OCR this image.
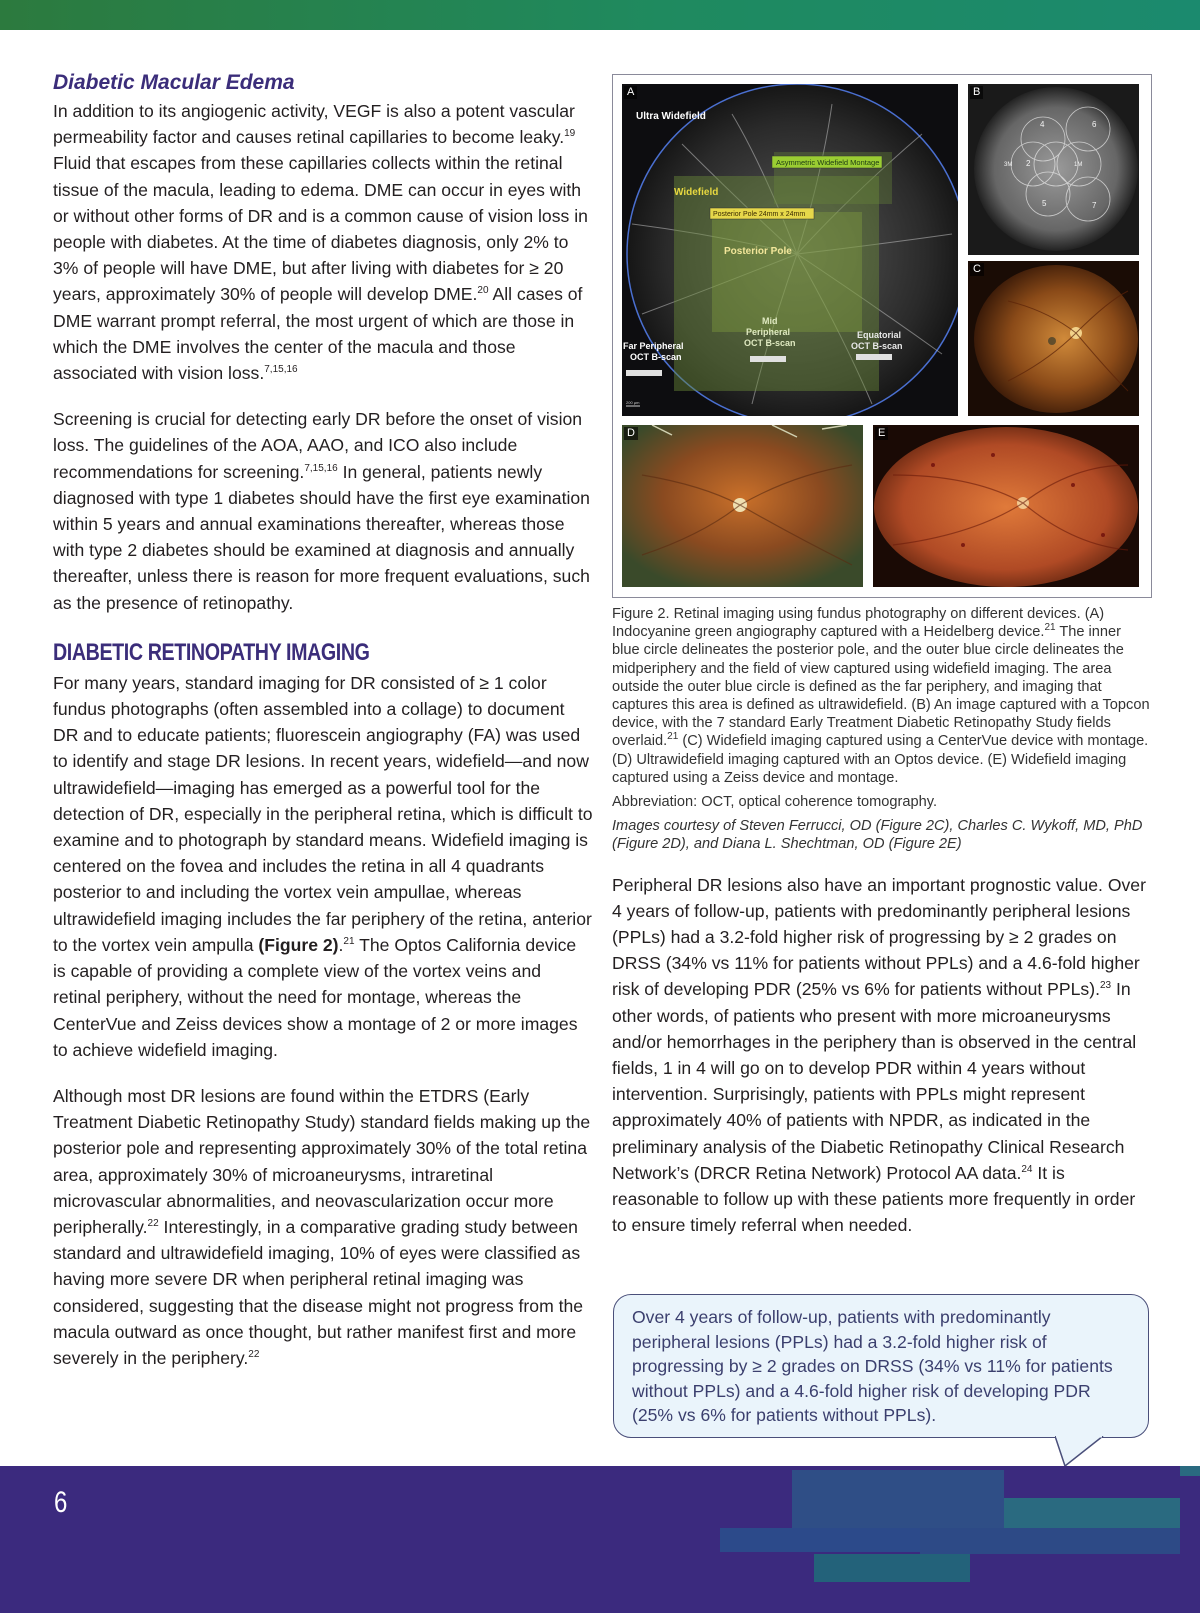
Diabetic Macular Edema

In addition to its angiogenic activity, VEGF is also a potent vascular permeability factor and causes retinal capillaries to become leaky.$^{19}$ Fluid that escapes from these capillaries collects within the retinal tissue of the macula, leading to edema. DME can occur in eyes with or without other forms of DR and is a common cause of vision loss in people with diabetes. At the time of diabetes diagnosis, only 2% to 3% of people will have DME, but after living with diabetes for ≥ 20 years, approximately 30% of people will develop DME.$^{20}$ All cases of DME warrant prompt referral, the most urgent of which are those in which the DME involves the center of the macula and those associated with vision loss.$^{7,15,16}$

Screening is crucial for detecting early DR before the onset of vision loss. The guidelines of the AOA, AAO, and ICO also include recommendations for screening.$^{7,15,16}$ In general, patients newly diagnosed with type 1 diabetes should have the first eye examination within 5 years and annual examinations thereafter, whereas those with type 2 diabetes should be examined at diagnosis and annually thereafter, unless there is reason for more frequent evaluations, such as the presence of retinopathy.

DIABETIC RETINOPATHY IMAGING

For many years, standard imaging for DR consisted of ≥ 1 color fundus photographs (often assembled into a collage) to document DR and to educate patients; fluorescein angiography (FA) was used to identify and stage DR lesions. In recent years, widefield—and now ultrawidefield—imaging has emerged as a powerful tool for the detection of DR, especially in the peripheral retina, which is difficult to examine and to photograph by standard means. Widefield imaging is centered on the fovea and includes the retina in all 4 quadrants posterior to and including the vortex vein ampullae, whereas ultrawidefield imaging includes the far periphery of the retina, anterior to the vortex vein ampulla (Figure 2).$^{21}$ The Optos California device is capable of providing a complete view of the vortex veins and retinal periphery, without the need for montage, whereas the CenterVue and Zeiss devices show a montage of 2 or more images to achieve widefield imaging.

Although most DR lesions are found within the ETDRS (Early Treatment Diabetic Retinopathy Study) standard fields making up the posterior pole and representing approximately 30% of the total retina area, approximately 30% of microaneurysms, intraretinal microvascular abnormalities, and neovascularization occur more peripherally.$^{22}$ Interestingly, in a comparative grading study between standard and ultrawidefield imaging, 10% of eyes were classified as having more severe DR when peripheral retinal imaging was considered, suggesting that the disease might not progress from the macula outward as once thought, but rather manifest first and more severely in the periphery.$^{22}$

Ultra Widefield
Asymmetric Widefield Montage
Widefield
Posterior Pole 24mm x 24mm
Posterior Pole
Far Peripheral
OCT B-scan
Mid
Peripheral
OCT B-scan
Equatorial
OCT B-scan
200 µm
A
4	6
3M 2	1M
5	7
B
C
D	E

Figure 2. Retinal imaging using fundus photography on different devices. (A) Indocyanine green angiography captured with a Heidelberg device.$^{21}$ The inner blue circle delineates the posterior pole, and the outer blue circle delineates the midperiphery and the field of view captured using widefield imaging. The area outside the outer blue circle is defined as the far periphery, and imaging that captures this area is defined as ultrawidefield. (B) An image captured with a Topcon device, with the 7 standard Early Treatment Diabetic Retinopathy Study fields overlaid.$^{21}$ (C) Widefield imaging captured using a CenterVue device with montage. (D) Ultrawidefield imaging captured with an Optos device. (E) Widefield imaging captured using a Zeiss device and montage.

Abbreviation: OCT, optical coherence tomography.

Images courtesy of Steven Ferrucci, OD (Figure 2C), Charles C. Wykoff, MD, PhD (Figure 2D), and Diana L. Shechtman, OD (Figure 2E)

Peripheral DR lesions also have an important prognostic value. Over 4 years of follow-up, patients with predominantly peripheral lesions (PPLs) had a 3.2-fold higher risk of progressing by ≥ 2 grades on DRSS (34% vs 11% for patients without PPLs) and a 4.6-fold higher risk of developing PDR (25% vs 6% for patients without PPLs).$^{23}$ In other words, of patients who present with more microaneurysms and/or hemorrhages in the periphery than is observed in the central fields, 1 in 4 will go on to develop PDR within 4 years without intervention. Surprisingly, patients with PPLs might represent approximately 40% of patients with NPDR, as indicated in the preliminary analysis of the Diabetic Retinopathy Clinical Research Network’s (DRCR Retina Network) Protocol AA data.$^{24}$ It is reasonable to follow up with these patients more frequently in order to ensure timely referral when needed.

Over 4 years of follow-up, patients with predominantly peripheral lesions (PPLs) had a 3.2-fold higher risk of progressing by ≥ 2 grades on DRSS (34% vs 11% for patients without PPLs) and a 4.6-fold higher risk of developing PDR (25% vs 6% for patients without PPLs).

6
